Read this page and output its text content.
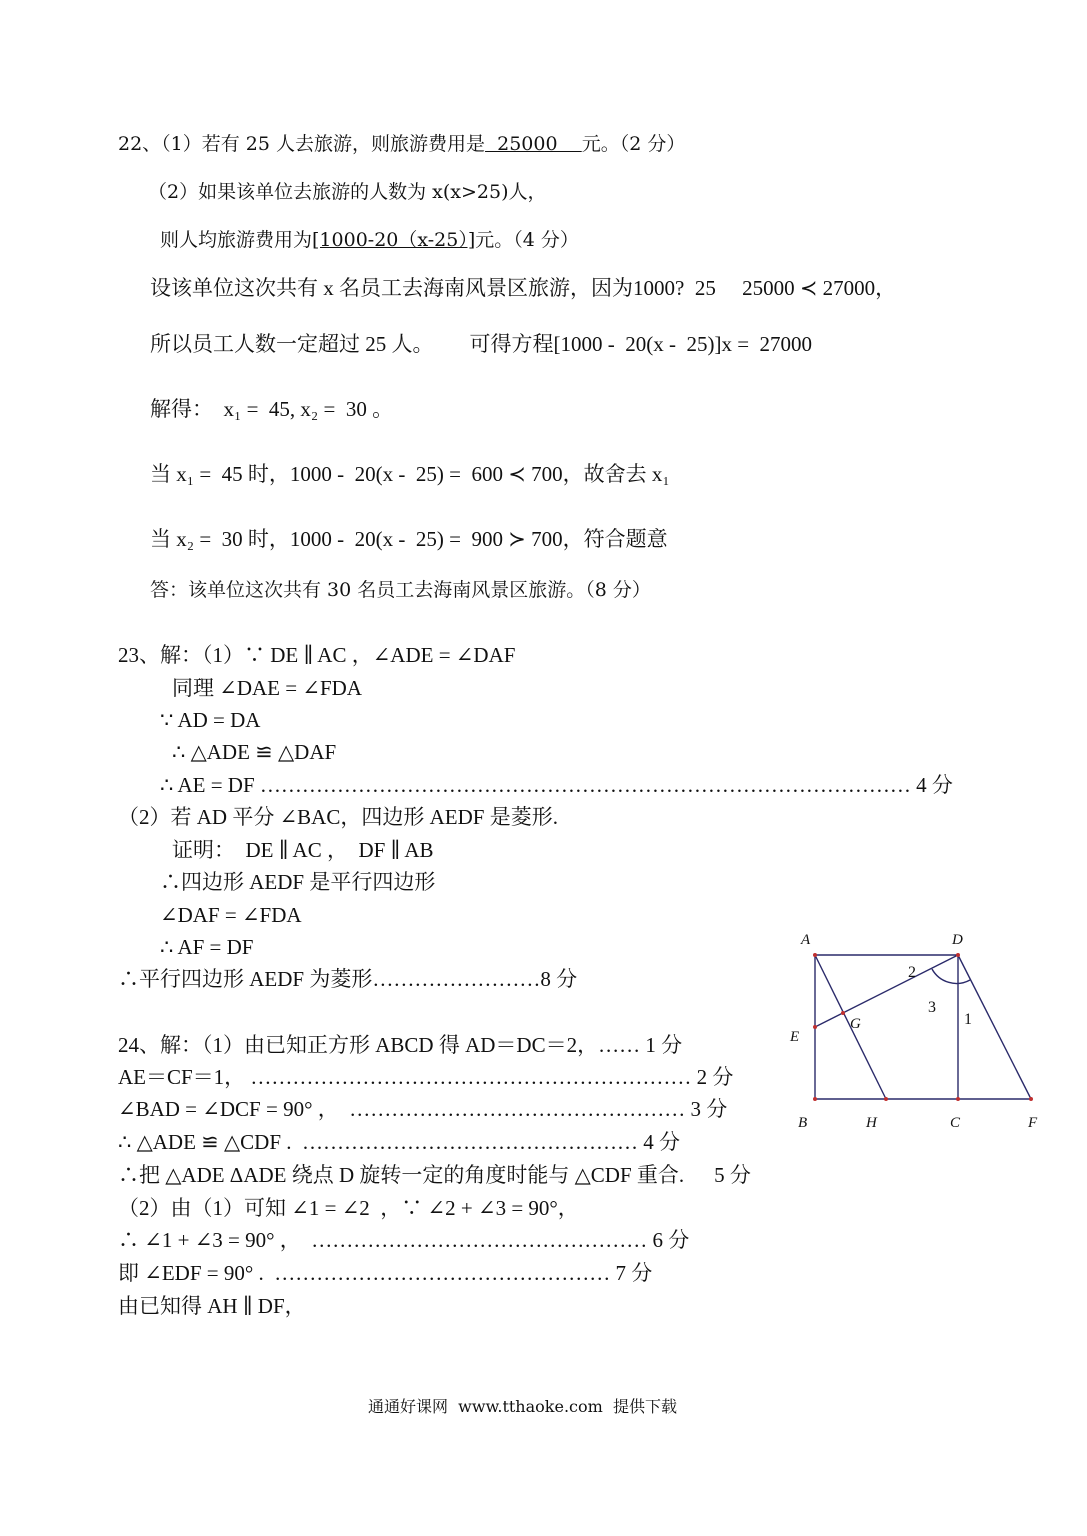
22、（1）若有 25 人去旅游，则旅游费用是  25000    元。（2 分）
（2）如果该单位去旅游的人数为 x(x>25)人，
则人均旅游费用为[1000-20（x-25）]元。（4 分）
设该单位这次共有 x 名员工去海南风景区旅游，因为1000?  25     25000 ≺ 27000，
所以员工人数一定超过 25 人。 可得方程[1000 -  20(x -  25)]x =  27000
解得：  x₁ =  45, x₂ =  30 。
当 x₁ =  45 时，1000 -  20(x -  25) =  600 ≺ 700，故舍去 x₁
当 x₂ =  30 时，1000 -  20(x -  25) =  900 ≻ 700，符合题意
答：该单位这次共有 30 名员工去海南风景区旅游。（8 分）
23、解：（1）∵ DE ∥ AC ，∠ADE = ∠DAF
同理 ∠DAE = ∠FDA
∵ AD = DA
∴ △ADE ≌ △DAF
∴ AE = DF ………………………………………………………………………………… 4 分
（2）若 AD 平分 ∠BAC，四边形 AEDF 是菱形.
证明：  DE ∥ AC ，  DF ∥ AB
∴四边形 AEDF 是平行四边形
∠DAF = ∠FDA
∴ AF = DF
∴平行四边形 AEDF 为菱形……………………8 分
24、解：（1）由已知正方形 ABCD 得 AD＝DC＝2，…… 1 分
AE＝CF＝1， ……………………………………………………… 2 分
∠BAD = ∠DCF = 90° ，  ………………………………………… 3 分
∴ △ADE ≌ △CDF .  ………………………………………… 4 分
∴把 △ADE ΔADE 绕点 D 旋转一定的角度时能与 △CDF 重合. 5 分
（2）由（1）可知 ∠1 = ∠2  ，∵ ∠2 + ∠3 = 90°，
∴ ∠1 + ∠3 = 90° ，  ………………………………………… 6 分
即 ∠EDF = 90° .  ………………………………………… 7 分
由已知得 AH ∥ DF，
A	D
E
G
B	H	C	F
2
3
1
通通好课网  www.tthaoke.com  提供下载
